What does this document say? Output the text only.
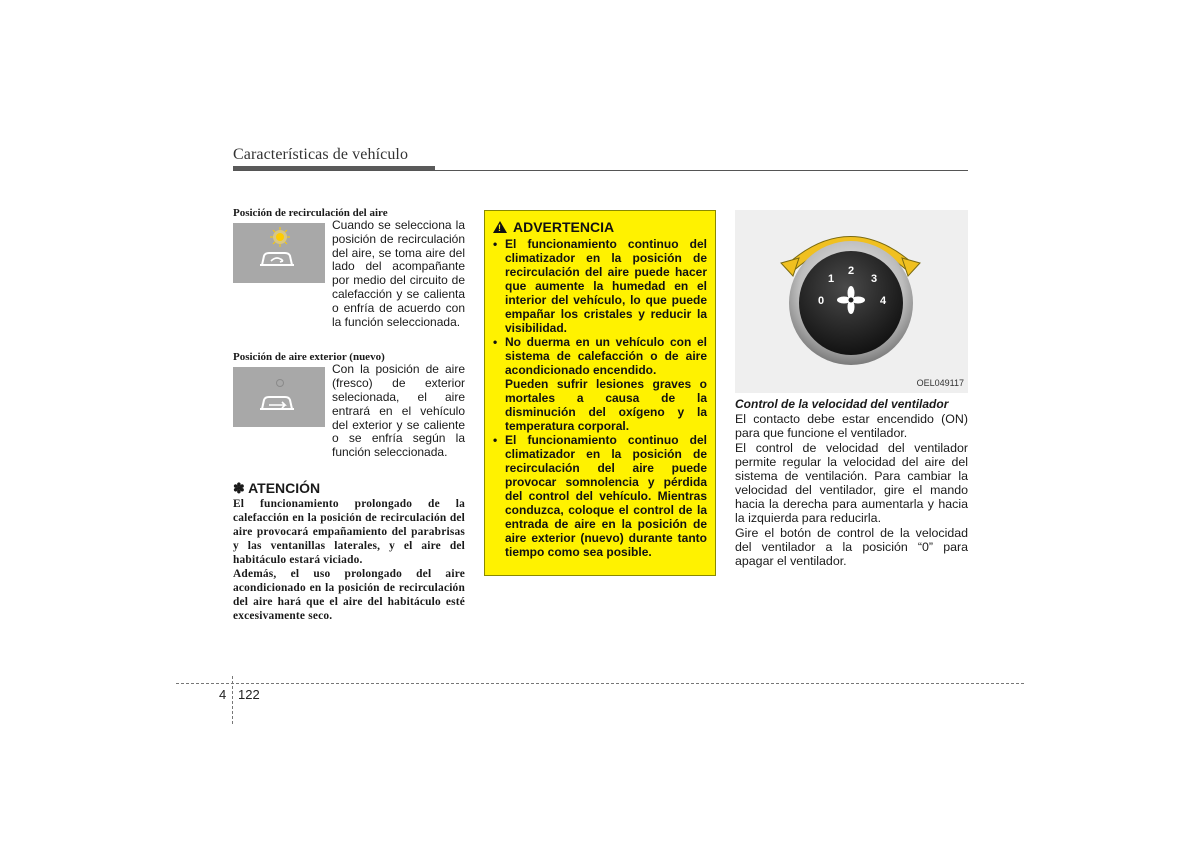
Características de vehículo
Posición de recirculación del aire
Cuando se selecciona la posición de recirculación del aire, se toma aire del lado del acompañante por medio del circuito de calefacción y se calienta o enfría de acuerdo con la función seleccionada.
Posición de aire exterior (nuevo)
Con la posición de aire (fresco) de exterior selecionada, el aire entrará en el vehículo del exterior y se caliente o se enfría según la función seleccionada.
✽ ATENCIÓN
El funcionamiento prolongado de la calefacción en la posición de recirculación del aire provocará empañamiento del parabrisas y las ventanillas laterales, y el aire del habitáculo estará viciado.
Además, el uso prolongado del aire acondicionado en la posición de recirculación del aire hará que el aire del habitáculo esté excesivamente seco.
! ADVERTENCIA

• El funcionamiento continuo del climatizador en la posición de recirculación del aire puede hacer que aumente la humedad en el interior del vehículo, lo que puede empañar los cristales y reducir la visibilidad.

• No duerma en un vehículo con el sistema de calefacción o de aire acondicionado encendido.

Pueden sufrir lesiones graves o mortales a causa de la disminución del oxígeno y la temperatura corporal.

• El funcionamiento continuo del climatizador en la posición de recirculación del aire puede provocar somnolencia y pérdida del control del vehículo. Mientras conduzca, coloque el control de la entrada de aire en la posición de aire exterior (nuevo) durante tanto tiempo como sea posible.

0
1
2
3
4
OEL049117
Control de la velocidad del ventilador

El contacto debe estar encendido (ON) para que funcione el ventilador.

El control de velocidad del ventilador permite regular la velocidad del aire del sistema de ventilación. Para cambiar la velocidad del ventilador, gire el mando hacia la derecha para aumentarla y hacia la izquierda para reducirla.

Gire el botón de control de la velocidad del ventilador a la posición “0” para apagar el ventilador.

4 122
